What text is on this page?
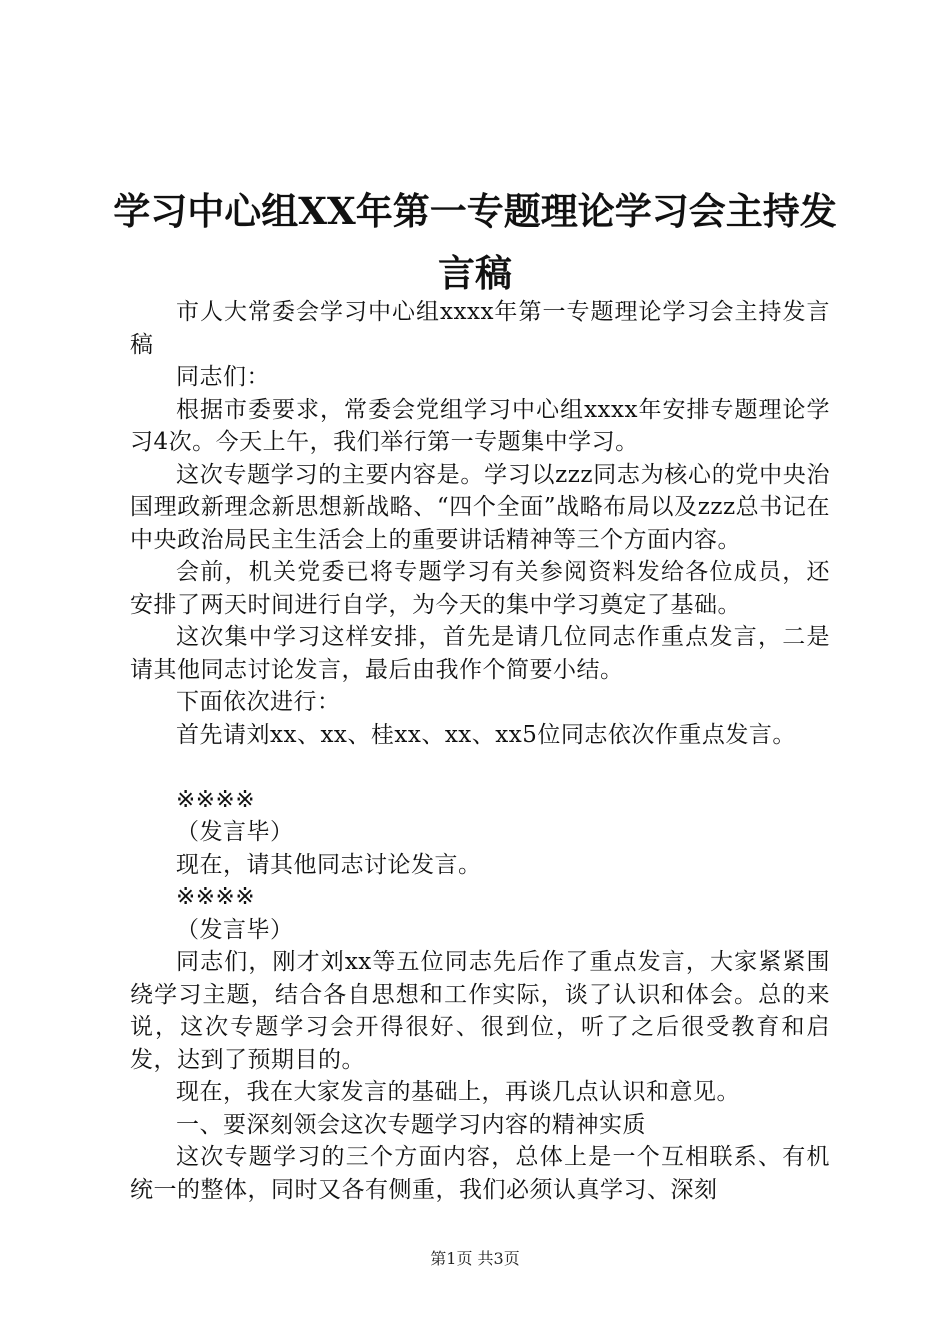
学习中心组XX年第一专题理论学习会主持发言稿

市人大常委会学习中心组xxxx年第一专题理论学习会主持发言稿

同志们：

根据市委要求，常委会党组学习中心组xxxx年安排专题理论学习4次。今天上午，我们举行第一专题集中学习。

这次专题学习的主要内容是。学习以zzz同志为核心的党中央治国理政新理念新思想新战略、“四个全面”战略布局以及zzz总书记在中央政治局民主生活会上的重要讲话精神等三个方面内容。

会前，机关党委已将专题学习有关参阅资料发给各位成员，还安排了两天时间进行自学，为今天的集中学习奠定了基础。

这次集中学习这样安排，首先是请几位同志作重点发言，二是请其他同志讨论发言，最后由我作个简要小结。

下面依次进行：

首先请刘xx、xx、桂xx、xx、xx5位同志依次作重点发言。

※※※※

（发言毕）

现在，请其他同志讨论发言。

※※※※

（发言毕）

同志们，刚才刘xx等五位同志先后作了重点发言，大家紧紧围绕学习主题，结合各自思想和工作实际，谈了认识和体会。总的来说，这次专题学习会开得很好、很到位，听了之后很受教育和启发，达到了预期目的。

现在，我在大家发言的基础上，再谈几点认识和意见。

一、要深刻领会这次专题学习内容的精神实质

这次专题学习的三个方面内容，总体上是一个互相联系、有机统一的整体，同时又各有侧重，我们必须认真学习、深刻

第1页 共3页
